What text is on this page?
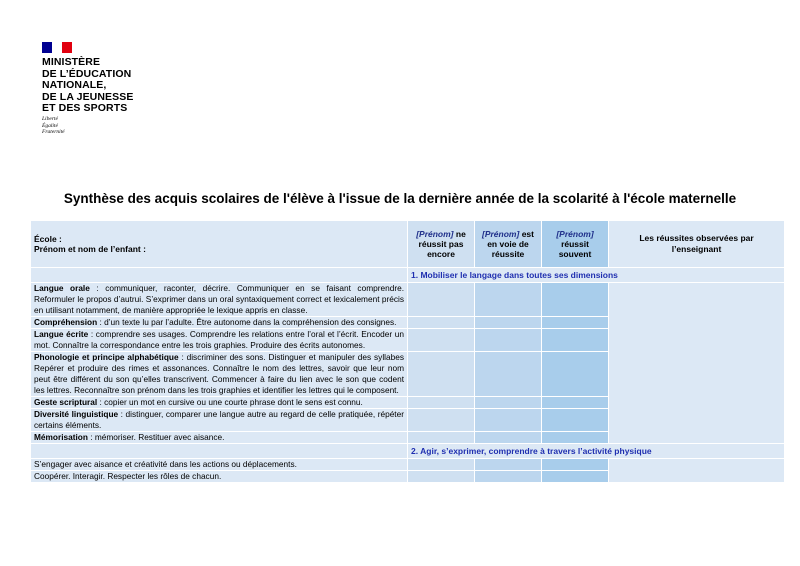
MINISTÈRE
DE L’ÉDUCATION
NATIONALE,
DE LA JEUNESSE
ET DES SPORTS
Liberté
Égalité
Fraternité
Synthèse des acquis scolaires de l'élève à l'issue de la dernière année de la scolarité à l'école maternelle
École :
Prénom et nom de l’enfant :	[Prénom] ne réussit pas encore	[Prénom] est en voie de réussite	[Prénom] réussit souvent	Les réussites observées par l’enseignant
	1. Mobiliser le langage dans toutes ses dimensions			
Langue orale : communiquer, raconter, décrire. Communiquer en se faisant comprendre. Reformuler le propos d’autrui. S’exprimer dans un oral syntaxiquement correct et lexicalement précis en utilisant notamment, de manière appropriée le lexique appris en classe.				
Compréhension : d’un texte lu par l’adulte. Être autonome dans la compréhension des consignes.				
Langue écrite : comprendre ses usages. Comprendre les relations entre l’oral et l’écrit. Encoder un mot. Connaître la correspondance entre les trois graphies. Produire des écrits autonomes.				
Phonologie et principe alphabétique : discriminer des sons. Distinguer et manipuler des syllabes Repérer et produire des rimes et assonances. Connaître le nom des lettres, savoir que leur nom peut être différent du son qu’elles transcrivent. Commencer à faire du lien avec le son que codent les lettres. Reconnaître son prénom dans les trois graphies et identifier les lettres qui le composent.				
Geste scriptural : copier un mot en cursive ou une courte phrase dont le sens est connu.				
Diversité linguistique : distinguer, comparer une langue autre au regard de celle pratiquée, répéter certains éléments.				
Mémorisation : mémoriser. Restituer avec aisance.				
	2. Agir, s’exprimer, comprendre à travers l’activité physique			
S’engager avec aisance et créativité dans les actions ou déplacements.				
Coopérer. Interagir. Respecter les rôles de chacun.				
